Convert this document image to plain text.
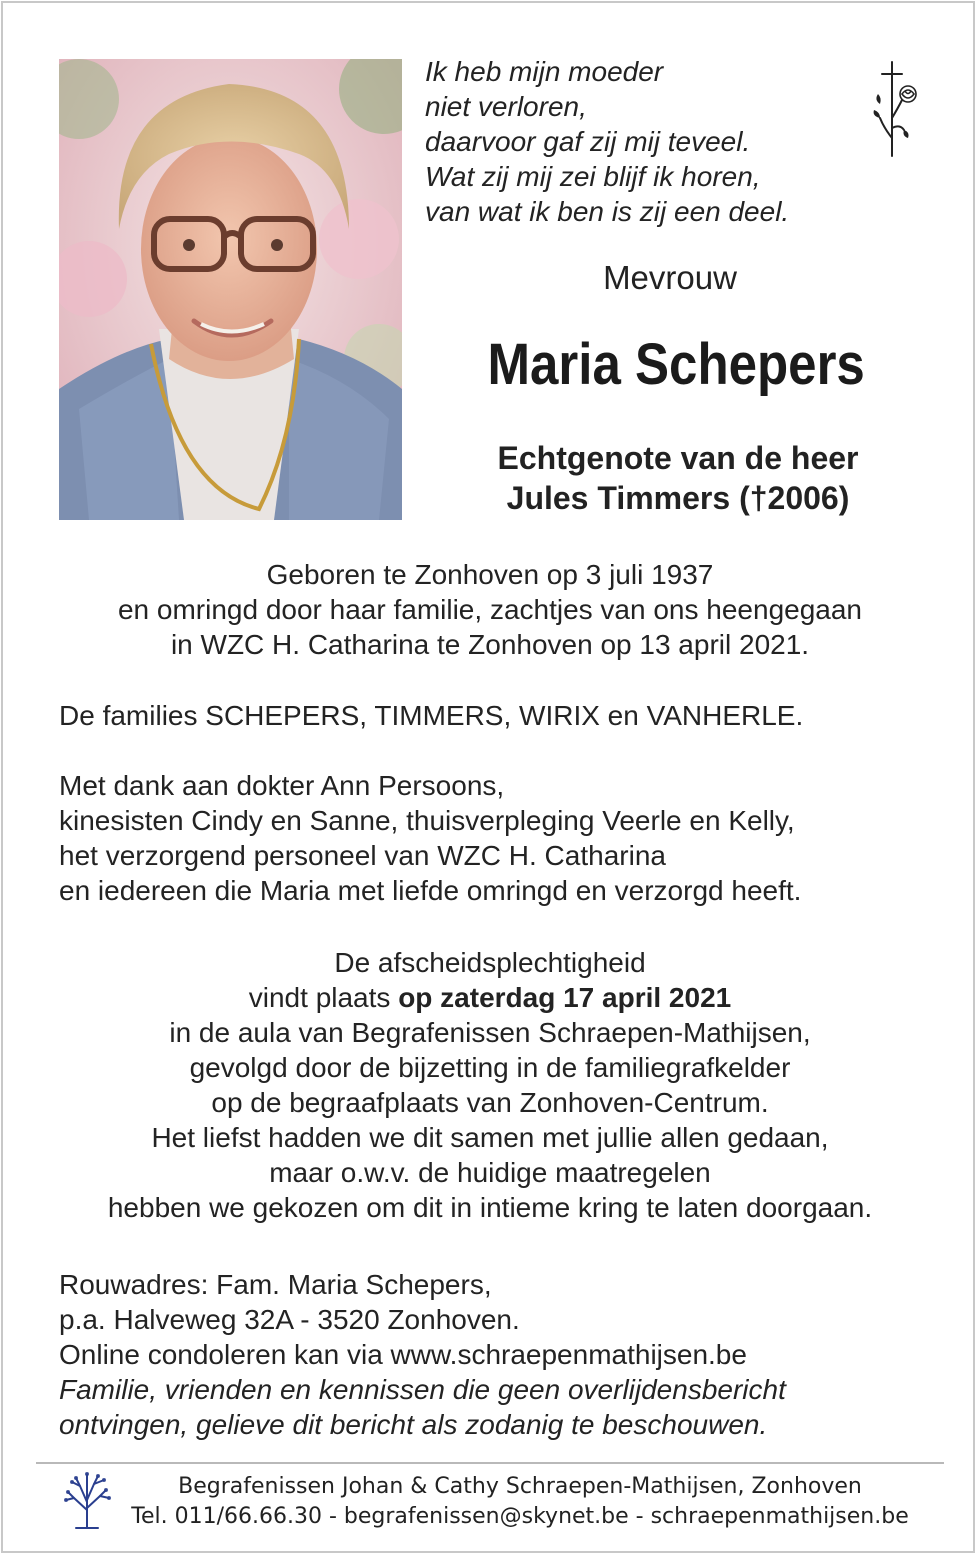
Ik heb mijn moeder
niet verloren,
daarvoor gaf zij mij teveel.
Wat zij mij zei blijf ik horen,
van wat ik ben is zij een deel.
Mevrouw
Maria Schepers
Echtgenote van de heer
Jules Timmers (†2006)
Geboren te Zonhoven op 3 juli 1937
en omringd door haar familie, zachtjes van ons heengegaan
in WZC H. Catharina te Zonhoven op 13 april 2021.
De families SCHEPERS, TIMMERS, WIRIX en VANHERLE.
Met dank aan dokter Ann Persoons,
kinesisten Cindy en Sanne, thuisverpleging Veerle en Kelly,
het verzorgend personeel van WZC H. Catharina
en iedereen die Maria met liefde omringd en verzorgd heeft.
De afscheidsplechtigheid
vindt plaats op zaterdag 17 april 2021
in de aula van Begrafenissen Schraepen-Mathijsen,
gevolgd door de bijzetting in de familiegrafkelder
op de begraafplaats van Zonhoven-Centrum.
Het liefst hadden we dit samen met jullie allen gedaan,
maar o.w.v. de huidige maatregelen
hebben we gekozen om dit in intieme kring te laten doorgaan.
Rouwadres: Fam. Maria Schepers,
p.a. Halveweg 32A - 3520 Zonhoven.
Online condoleren kan via www.schraepenmathijsen.be
Familie, vrienden en kennissen die geen overlijdensbericht
ontvingen, gelieve dit bericht als zodanig te beschouwen.
Begrafenissen Johan & Cathy Schraepen-Mathijsen, Zonhoven
Tel. 011/66.66.30 - begrafenissen@skynet.be - schraepenmathijsen.be
